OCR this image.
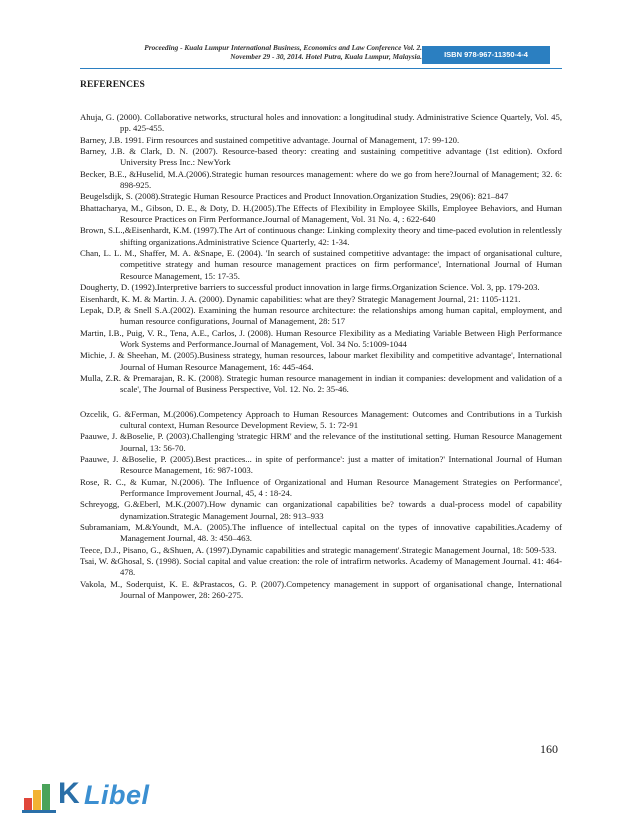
Proceeding - Kuala Lumpur International Business, Economics and Law Conference Vol. 2.
November 29 - 30, 2014. Hotel Putra, Kuala Lumpur, Malaysia.	ISBN 978-967-11350-4-4
REFERENCES

Ahuja, G. (2000). Collaborative networks, structural holes and innovation: a longitudinal study. Administrative Science Quartely, Vol. 45, pp. 425-455.

Barney, J.B. 1991. Firm resources and sustained competitive advantage. Journal of Management, 17: 99-120.

Barney, J.B. & Clark, D. N. (2007). Resource-based theory: creating and sustaining competitive advantage (1st edition). Oxford University Press Inc.: NewYork

Becker, B.E., &Huselid, M.A.(2006).Strategic human resources management: where do we go from here?Journal of Management; 32. 6: 898-925.

Beugelsdijk, S. (2008).Strategic Human Resource Practices and Product Innovation.Organization Studies, 29(06): 821–847

Bhattacharya, M., Gibson, D. E., & Doty, D. H.(2005).The Effects of Flexibility in Employee Skills, Employee Behaviors, and Human Resource Practices on Firm Performance.Journal of Management, Vol. 31 No. 4, : 622-640

Brown, S.L.,&Eisenhardt, K.M. (1997).The Art of continuous change: Linking complexity theory and time-paced evolution in relentlessly shifting organizations.Administrative Science Quarterly, 42: 1-34.

Chan, L. L. M., Shaffer, M. A. &Snape, E. (2004). 'In search of sustained competitive advantage: the impact of organisational culture, competitive strategy and human resource management practices on firm performance', International Journal of Human Resource Management, 15: 17-35.

Dougherty, D. (1992).Interpretive barriers to successful product innovation in large firms.Organization Science. Vol. 3, pp. 179-203.

Eisenhardt, K. M. & Martin. J. A. (2000). Dynamic capabilities: what are they? Strategic Management Journal, 21: 1105-1121.

Lepak, D.P, & Snell S.A.(2002). Examining the human resource architecture: the relationships among human capital, employment, and human resource configurations, Journal of Management, 28: 517

Martin, I.B., Puig, V. R., Tena, A.E., Carlos, J. (2008). Human Resource Flexibility as a Mediating Variable Between High Performance Work Systems and Performance.Journal of Management, Vol. 34 No. 5:1009-1044

Michie, J. & Sheehan, M. (2005).Business strategy, human resources, labour market flexibility and competitive advantage', International Journal of Human Resource Management, 16: 445-464.

Mulla, Z.R. & Premarajan, R. K. (2008). Strategic human resource management in indian it companies: development and validation of a scale', The Journal of Business Perspective, Vol. 12. No. 2: 35-46.

Ozcelik, G. &Ferman, M.(2006).Competency Approach to Human Resources Management: Outcomes and Contributions in a Turkish cultural context, Human Resource Development Review, 5. 1: 72-91

Paauwe, J. &Boselie, P. (2003).Challenging 'strategic HRM' and the relevance of the institutional setting. Human Resource Management Journal, 13: 56-70.

Paauwe, J. &Boselie, P. (2005).Best practices... in spite of performance': just a matter of imitation?' International Journal of Human Resource Management, 16: 987-1003.

Rose, R. C., & Kumar, N.(2006). The Influence of Organizational and Human Resource Management Strategies on Performance', Performance Improvement Journal, 45, 4 : 18-24.

Schreyogg, G.&Eberl, M.K.(2007).How dynamic can organizational capabilities be? towards a dual-process model of capability dynamization.Strategic Management Journal, 28: 913–933

Subramaniam, M.&Youndt, M.A. (2005).The influence of intellectual capital on the types of innovative capabilities.Academy of Management Journal, 48. 3: 450–463.

Teece, D.J., Pisano, G., &Shuen, A. (1997).Dynamic capabilities and strategic management'.Strategic Management Journal, 18: 509-533.

Tsai, W. &Ghosal, S. (1998). Social capital and value creation: the role of intrafirm networks. Academy of Management Journal. 41: 464-478.

Vakola, M., Soderquist, K. E. &Prastacos, G. P. (2007).Competency management in support of organisational change, International Journal of Manpower, 28: 260-275.

160
K Libel
